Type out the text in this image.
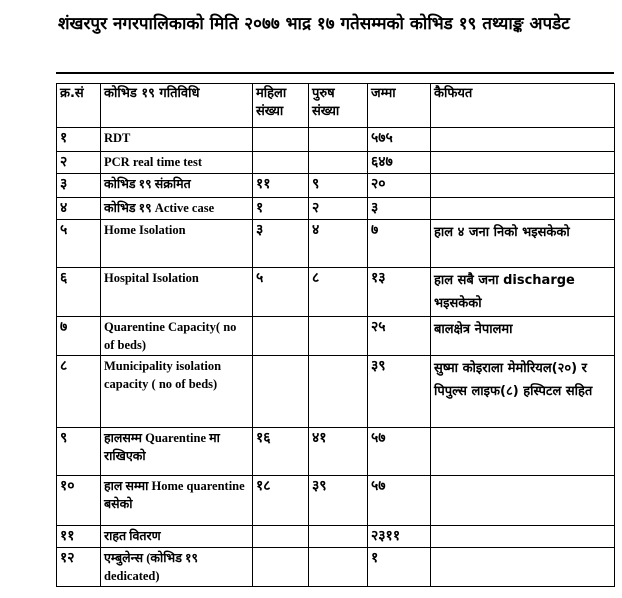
शंखरपुर नगरपालिकाको मिति २०७७ भाद्र १७ गतेसम्मको कोभिड १९ तथ्याङ्क अपडेट
क्र.सं	कोभिड १९ गतिविधि	महिला संख्या	पुरुष संख्या	जम्मा	कैफियत
१	RDT			५७५	
२	PCR real time test			६४७	
३	कोभिड १९ संक्रमित	११	९	२०	
४	कोभिड १९ Active case	१	२	३	
५	Home Isolation	३	४	७	हाल ४ जना निको भइसकेको
६	Hospital Isolation	५	८	१३	हाल सबै जना discharge भइसकेको
७	Quarentine Capacity( no of beds)			२५	बालक्षेत्र नेपालमा
८	Municipality isolation capacity ( no of beds)			३९	सुष्मा कोइराला मेमोरियल(२०) र पिपुल्स लाइफ(८) हस्पिटल सहित
९	हालसम्म Quarentine मा राखिएको	१६	४१	५७	
१०	हाल सम्मा Home quarentine बसेको	१८	३९	५७	
११	राहत वितरण			२३११	
१२	एम्बुलेन्स (कोभिड १९ dedicated)			१	
